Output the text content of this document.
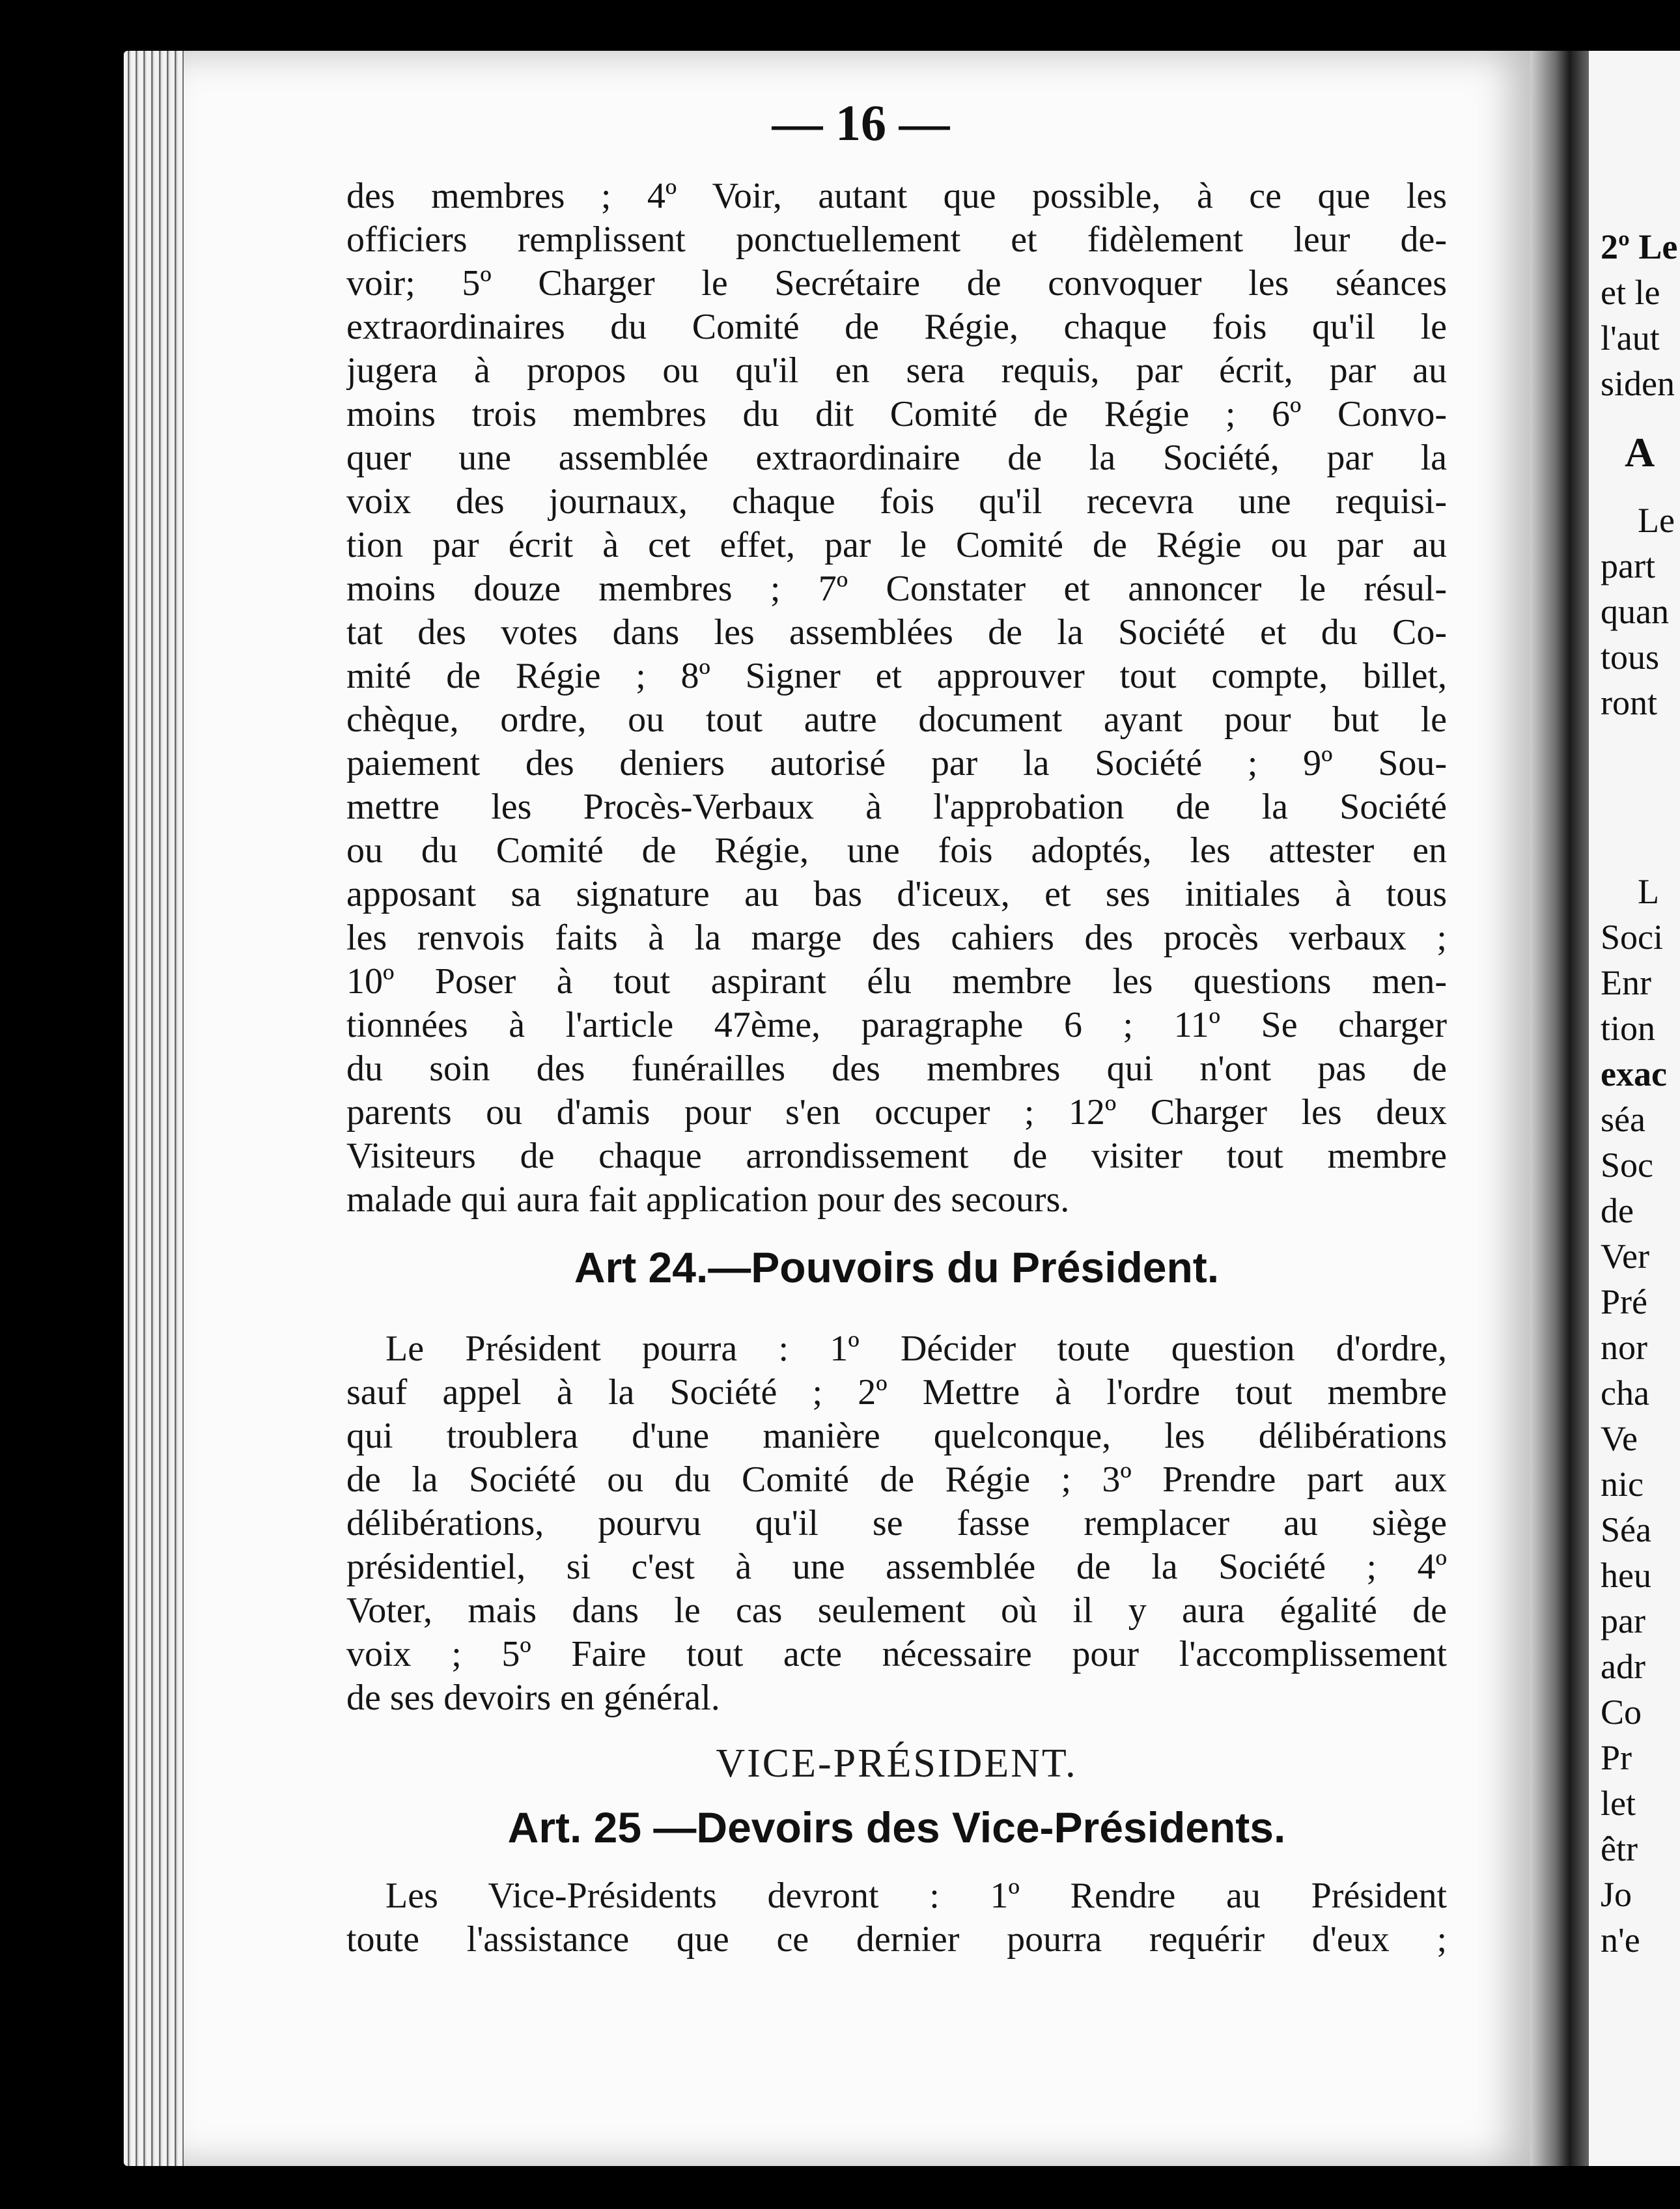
— 16 —
des membres ; 4º Voir, autant que possible, à ce que les
officiers remplissent ponctuellement et fidèlement leur de-
voir; 5º Charger le Secrétaire de convoquer les séances
extraordinaires du Comité de Régie, chaque fois qu'il le
jugera à propos ou qu'il en sera requis, par écrit, par au
moins trois membres du dit Comité de Régie ; 6º Convo-
quer une assemblée extraordinaire de la Société, par la
voix des journaux, chaque fois qu'il recevra une requisi-
tion par écrit à cet effet, par le Comité de Régie ou par au
moins douze membres ; 7º Constater et annoncer le résul-
tat des votes dans les assemblées de la Société et du Co-
mité de Régie ; 8º Signer et approuver tout compte, billet,
chèque, ordre, ou tout autre document ayant pour but le
paiement des deniers autorisé par la Société ; 9º Sou-
mettre les Procès-Verbaux à l'approbation de la Société
ou du Comité de Régie, une fois adoptés, les attester en
apposant sa signature au bas d'iceux, et ses initiales à tous
les renvois faits à la marge des cahiers des procès verbaux ;
10º Poser à tout aspirant élu membre les questions men-
tionnées à l'article 47ème, paragraphe 6 ; 11º Se charger
du soin des funérailles des membres qui n'ont pas de
parents ou d'amis pour s'en occuper ; 12º Charger les deux
Visiteurs de chaque arrondissement de visiter tout membre
malade qui aura fait application pour des secours.
Art 24.—Pouvoirs du Président.
Le Président pourra : 1º Décider toute question d'ordre,
sauf appel à la Société ; 2º Mettre à l'ordre tout membre
qui troublera d'une manière quelconque, les délibérations
de la Société ou du Comité de Régie ; 3º Prendre part aux
délibérations, pourvu qu'il se fasse remplacer au siège
présidentiel, si c'est à une assemblée de la Société ; 4º
Voter, mais dans le cas seulement où il y aura égalité de
voix ; 5º Faire tout acte nécessaire pour l'accomplissement
de ses devoirs en général.
VICE-PRÉSIDENT.
Art. 25 —Devoirs des Vice-Présidents.
Les Vice-Présidents devront : 1º Rendre au Président
toute l'assistance que ce dernier pourra requérir d'eux ;
2º Le
et le
l'aut
siden
A
Le
part
quan
tous
ront
L
Soci
Enr
tion
exac
séa
Soc
de
Ver
Pré
nor
cha
Ve
nic
Séa
heu
par
adr
Co
Pr
let
êtr
Jo
n'e
